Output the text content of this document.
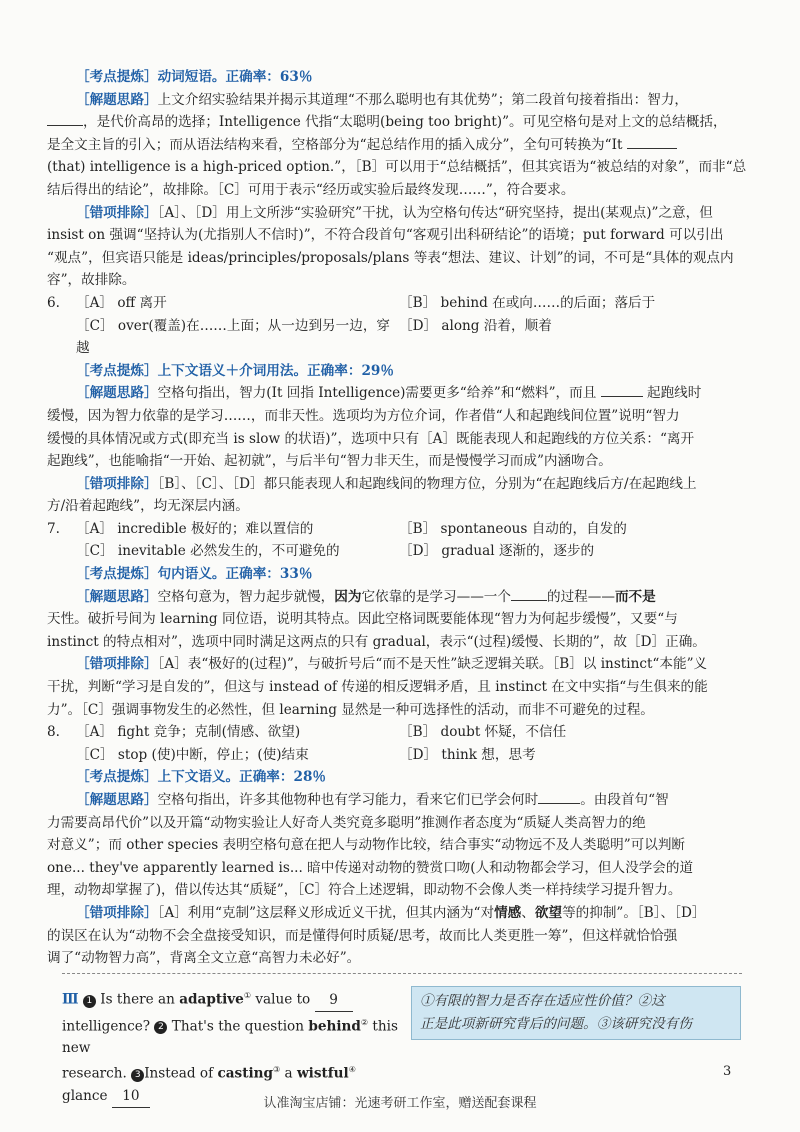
［考点提炼］动词短语。正确率：63％

［解题思路］上文介绍实验结果并揭示其道理“不那么聪明也有其优势”；第二段首句接着指出：智力，

，是代价高昂的选择；Intelligence 代指“太聪明(being too bright)”。可见空格句是对上文的总结概括，

是全文主旨的引入；而从语法结构来看，空格部分为“起总结作用的插入成分”，全句可转换为“It

(that) intelligence is a high-priced option.”，［B］可以用于“总结概括”，但其宾语为“被总结的对象”，而非“总

结后得出的结论”，故排除。［C］可用于表示“经历或实验后最终发现……”，符合要求。

［错项排除］［A］、［D］用上文所涉“实验研究”干扰，认为空格句传达“研究坚持，提出(某观点)”之意，但

insist on 强调“坚持认为(尤指别人不信时)”，不符合段首句“客观引出科研结论”的语境；put forward 可以引出

“观点”，但宾语只能是 ideas/principles/proposals/plans 等表“想法、建议、计划”的词，不可是“具体的观点内

容”，故排除。

6.	［A］ off 离开	［B］ behind 在或向……的后面；落后于
［C］ over(覆盖)在……上面；从一边到另一边，穿越
［D］ along 沿着，顺着

［考点提炼］上下文语义＋介词用法。正确率：29％

［解题思路］空格句指出，智力(It 回指 Intelligence)需要更多“给养”和“燃料”，而且	起跑线时

缓慢，因为智力依靠的是学习……，而非天性。选项均为方位介词，作者借“人和起跑线间位置”说明“智力

缓慢的具体情况或方式(即充当 is slow 的状语)”，选项中只有［A］既能表现人和起跑线的方位关系：“离开

起跑线”，也能喻指“一开始、起初就”，与后半句“智力非天生，而是慢慢学习而成”内涵吻合。

［错项排除］［B］、［C］、［D］都只能表现人和起跑线间的物理方位，分别为“在起跑线后方/在起跑线上

方/沿着起跑线”，均无深层内涵。

7.	［A］ incredible 极好的；难以置信的	［B］ spontaneous 自动的，自发的
［C］ inevitable 必然发生的，不可避免的	［D］ gradual 逐渐的，逐步的

［考点提炼］句内语义。正确率：33％

［解题思路］空格句意为，智力起步就慢，因为它依靠的是学习——一个	的过程——而不是

天性。破折号间为 learning 同位语，说明其特点。因此空格词既要能体现“智力为何起步缓慢”，又要“与

instinct 的特点相对”，选项中同时满足这两点的只有 gradual，表示“(过程)缓慢、长期的”，故［D］正确。

［错项排除］［A］表“极好的(过程)”，与破折号后“而不是天性”缺乏逻辑关联。［B］以 instinct“本能”义

干扰，判断“学习是自发的”，但这与 instead of 传递的相反逻辑矛盾，且 instinct 在文中实指“与生俱来的能

力”。［C］强调事物发生的必然性，但 learning 显然是一种可选择性的活动，而非不可避免的过程。

8.	［A］ fight 竞争；克制(情感、欲望)	［B］ doubt 怀疑，不信任
［C］ stop (使)中断，停止；(使)结束	［D］ think 想，思考

［考点提炼］上下文语义。正确率：28％

［解题思路］空格句指出，许多其他物种也有学习能力，看来它们已学会何时	。由段首句“智

力需要高昂代价”以及开篇“动物实验让人好奇人类究竟多聪明”推测作者态度为“质疑人类高智力的绝

对意义”；而 other species 表明空格句意在把人与动物作比较，结合事实“动物远不及人类聪明”可以判断

one... they've apparently learned is... 暗中传递对动物的赞赏口吻(人和动物都会学习，但人没学会的道

理，动物却掌握了)，借以传达其“质疑”，［C］符合上述逻辑，即动物不会像人类一样持续学习提升智力。

［错项排除］［A］利用“克制”这层释义形成近义干扰，但其内涵为“对情感、欲望等的抑制”。［B］、［D］

的误区在认为“动物不会全盘接受知识，而是懂得何时质疑/思考，故而比人类更胜一筹”，但这样就恰恰强

调了“动物智力高”，背离全文立意“高智力未必好”。

Ⅲ 1 Is there an adaptive① value to 9
intelligence? 2 That's the question behind② this new
research. 3 Instead of casting③ a wistful④ glance 10
①有限的智力是否存在适应性价值？②这
正是此项新研究背后的问题。③该研究没有伤
3
认准淘宝店铺：光速考研工作室，赠送配套课程
